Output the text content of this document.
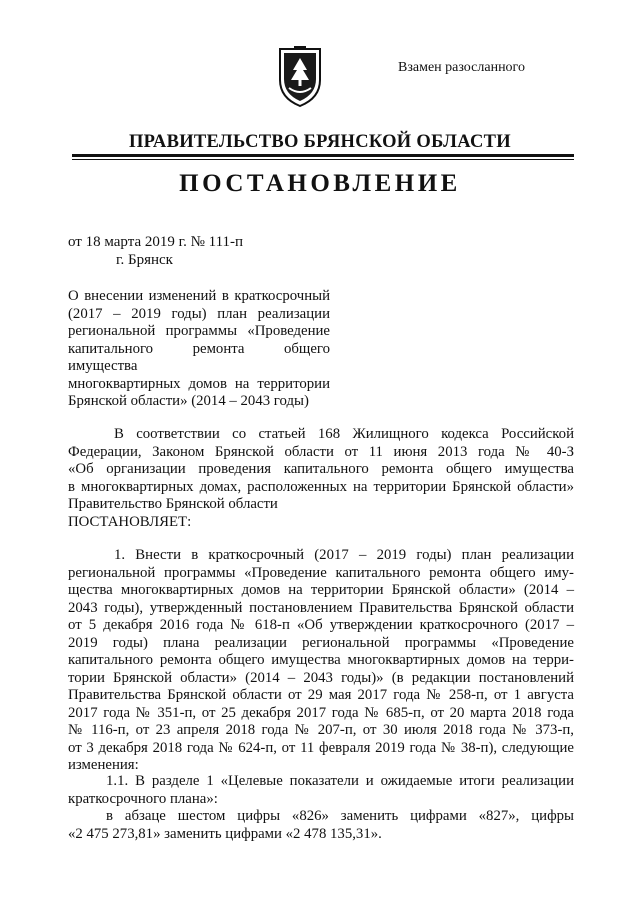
Взамен разосланного
ПРАВИТЕЛЬСТВО БРЯНСКОЙ ОБЛАСТИ
ПОСТАНОВЛЕНИЕ
от 18 марта 2019 г. № 111-п
г. Брянск
О внесении изменений в краткосрочный
(2017 – 2019 годы) план реализации
региональной программы «Проведение
капитального ремонта общего имущества
многоквартирных домов на территории
Брянской области» (2014 – 2043 годы)
В соответствии со статьей 168 Жилищного кодекса Российской
Федерации, Законом Брянской области от 11 июня 2013 года № 40-З
«Об организации проведения капитального ремонта общего имущества
в многоквартирных домах, расположенных на территории Брянской области»
Правительство Брянской области
ПОСТАНОВЛЯЕТ:
1. Внести в краткосрочный (2017 – 2019 годы) план реализации
региональной программы «Проведение капитального ремонта общего иму-
щества многоквартирных домов на территории Брянской области» (2014 –
2043 годы), утвержденный постановлением Правительства Брянской области
от 5 декабря 2016 года № 618-п «Об утверждении краткосрочного (2017 –
2019 годы) плана реализации региональной программы «Проведение
капитального ремонта общего имущества многоквартирных домов на терри-
тории Брянской области» (2014 – 2043 годы)» (в редакции постановлений
Правительства Брянской области от 29 мая 2017 года № 258-п, от 1 августа
2017 года № 351-п, от 25 декабря 2017 года № 685-п, от 20 марта 2018 года
№ 116-п, от 23 апреля 2018 года № 207-п, от 30 июля 2018 года № 373-п,
от 3 декабря 2018 года № 624-п, от 11 февраля 2019 года № 38-п), следующие
изменения:
1.1. В разделе 1 «Целевые показатели и ожидаемые итоги реализации
краткосрочного плана»:
в абзаце шестом цифры «826» заменить цифрами «827», цифры
«2 475 273,81» заменить цифрами «2 478 135,31».
